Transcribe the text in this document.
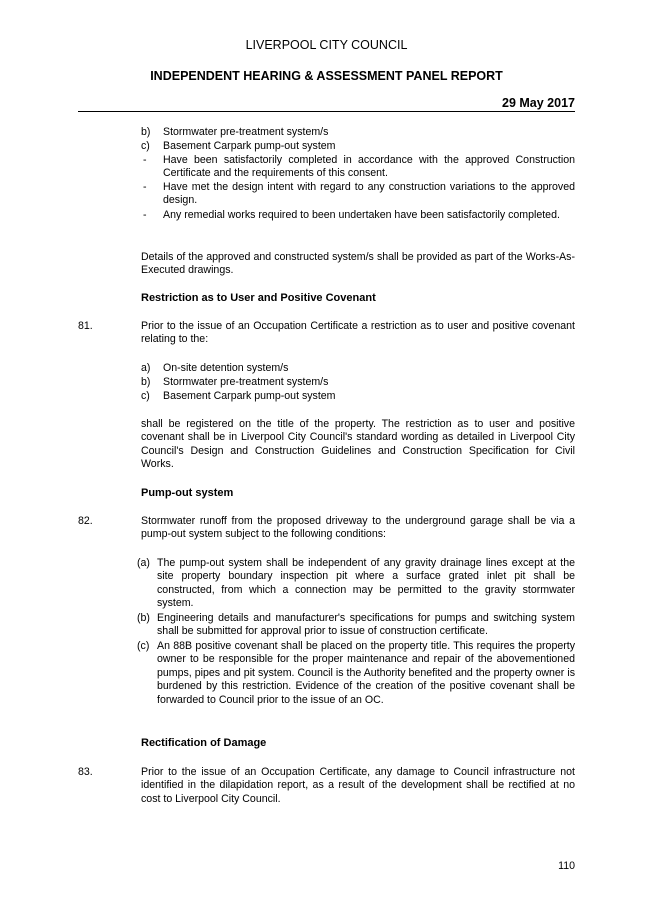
LIVERPOOL CITY COUNCIL
INDEPENDENT HEARING & ASSESSMENT PANEL REPORT
29 May 2017
b) Stormwater pre-treatment system/s
c) Basement Carpark pump-out system
- Have been satisfactorily completed in accordance with the approved Construction Certificate and the requirements of this consent.
- Have met the design intent with regard to any construction variations to the approved design.
- Any remedial works required to been undertaken have been satisfactorily completed.
Details of the approved and constructed system/s shall be provided as part of the Works-As-Executed drawings.
Restriction as to User and Positive Covenant
81.	Prior to the issue of an Occupation Certificate a restriction as to user and positive covenant relating to the:
a) On-site detention system/s
b) Stormwater pre-treatment system/s
c) Basement Carpark pump-out system
shall be registered on the title of the property. The restriction as to user and positive covenant shall be in Liverpool City Council's standard wording as detailed in Liverpool City Council's Design and Construction Guidelines and Construction Specification for Civil Works.
Pump-out system
82.	Stormwater runoff from the proposed driveway to the underground garage shall be via a pump-out system subject to the following conditions:
(a) The pump-out system shall be independent of any gravity drainage lines except at the site property boundary inspection pit where a surface grated inlet pit shall be constructed, from which a connection may be permitted to the gravity stormwater system.
(b) Engineering details and manufacturer's specifications for pumps and switching system shall be submitted for approval prior to issue of construction certificate.
(c) An 88B positive covenant shall be placed on the property title. This requires the property owner to be responsible for the proper maintenance and repair of the abovementioned pumps, pipes and pit system. Council is the Authority benefited and the property owner is burdened by this restriction. Evidence of the creation of the positive covenant shall be forwarded to Council prior to the issue of an OC.
Rectification of Damage
83.	Prior to the issue of an Occupation Certificate, any damage to Council infrastructure not identified in the dilapidation report, as a result of the development shall be rectified at no cost to Liverpool City Council.
110
